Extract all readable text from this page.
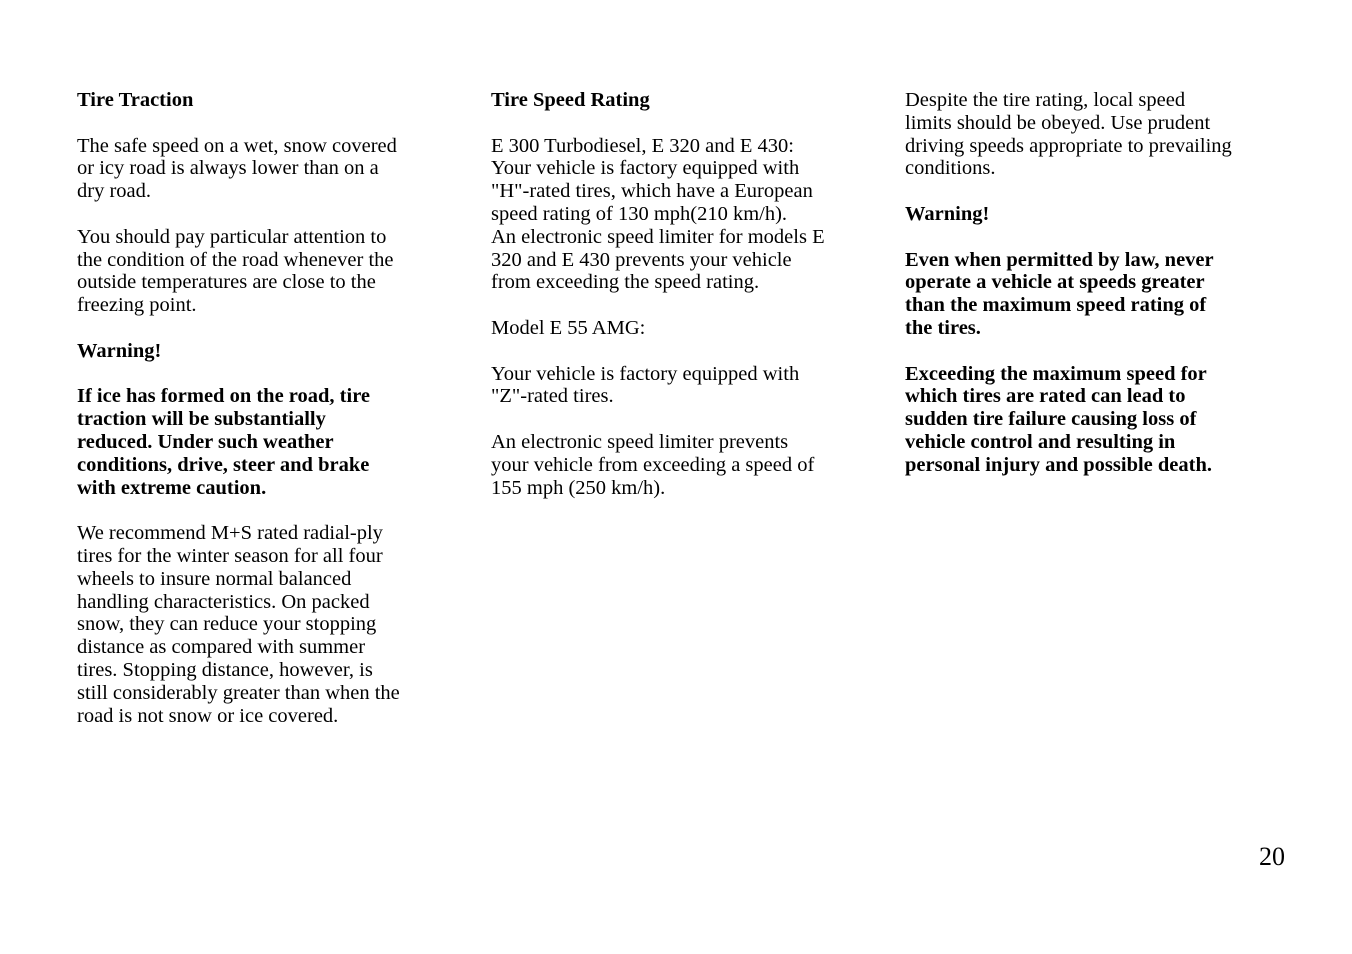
Tire Traction

The safe speed on a wet, snow covered
or icy road is always lower than on a
dry road.

You should pay particular attention to
the condition of the road whenever the
outside temperatures are close to the
freezing point.

Warning!

If ice has formed on the road, tire
traction will be substantially
reduced. Under such weather
conditions, drive, steer and brake
with extreme caution.

We recommend M+S rated radial-ply
tires for the winter season for all four
wheels to insure normal balanced
handling characteristics. On packed
snow, they can reduce your stopping
distance as compared with summer
tires. Stopping distance, however, is
still considerably greater than when the
road is not snow or ice covered.

Tire Speed Rating

E 300 Turbodiesel, E 320 and E 430:
Your vehicle is factory equipped with
"H"-rated tires, which have a European
speed rating of 130 mph(210 km/h).
An electronic speed limiter for models E
320 and E 430 prevents your vehicle
from exceeding the speed rating.

Model E 55 AMG:

Your vehicle is factory equipped with
"Z"-rated tires.

An electronic speed limiter prevents
your vehicle from exceeding a speed of
155 mph (250 km/h).

Despite the tire rating, local speed
limits should be obeyed. Use prudent
driving speeds appropriate to prevailing
conditions.

Warning!

Even when permitted by law, never
operate a vehicle at speeds greater
than the maximum speed rating of
the tires.

Exceeding the maximum speed for
which tires are rated can lead to
sudden tire failure causing loss of
vehicle control and resulting in
personal injury and possible death.

20
